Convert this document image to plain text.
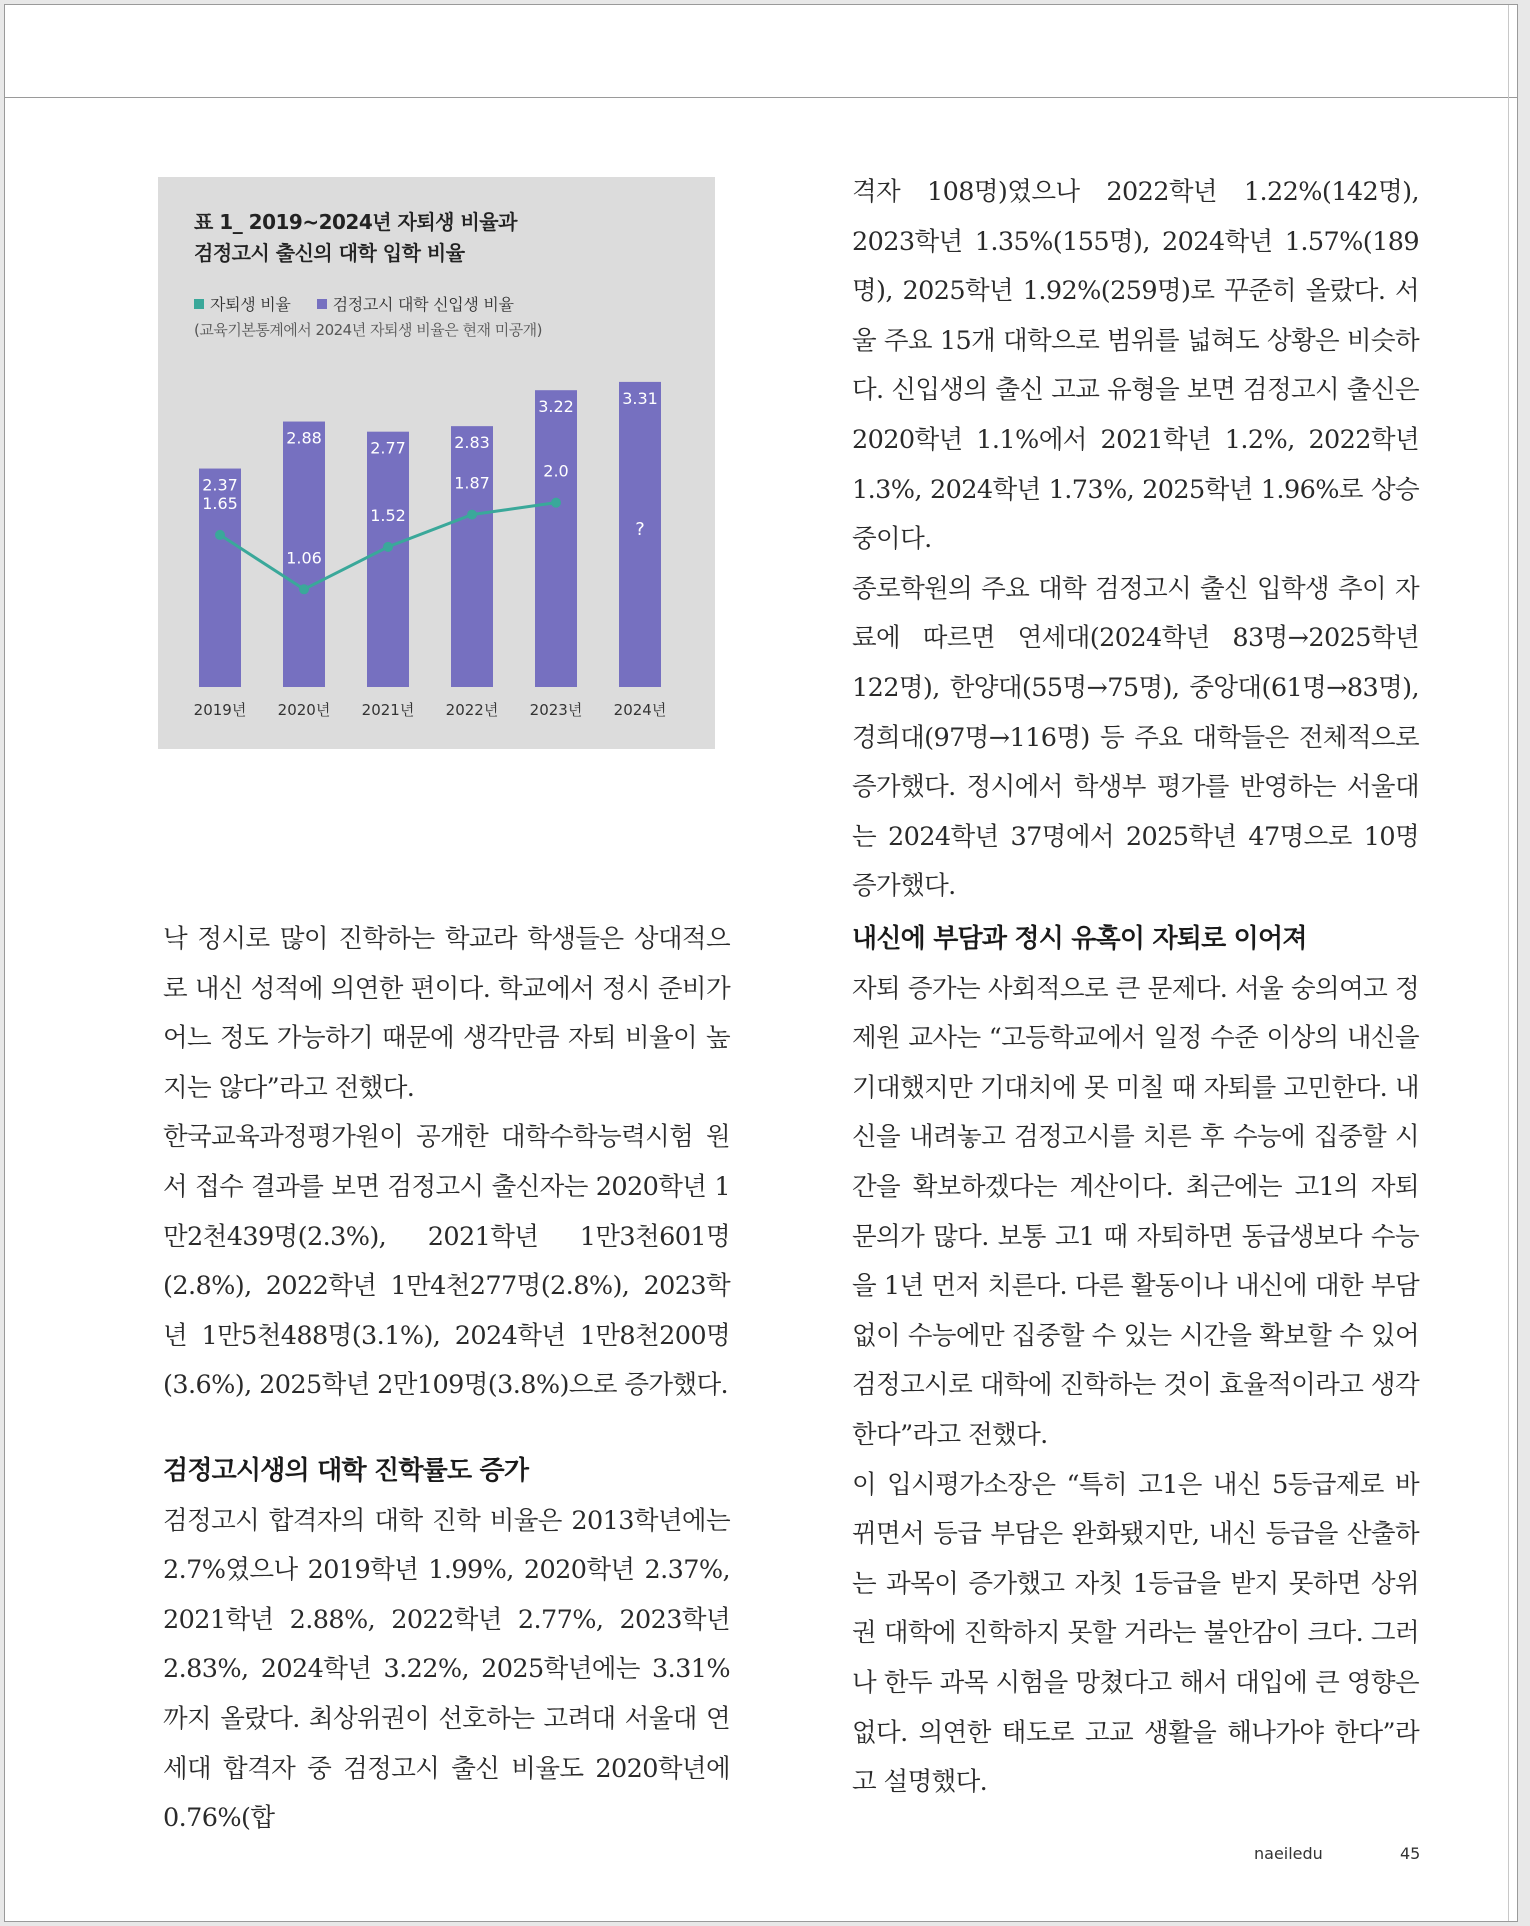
표 1_ 2019~2024년 자퇴생 비율과
검정고시 출신의 대학 입학 비율
자퇴생 비율	검정고시 대학 신입생 비율
(교육기본통계에서 2024년 자퇴생 비율은 현재 미공개)
2.37
2019년
2.88
2020년
2.77
2021년
2.83
2022년
3.22
2023년
3.31
2024년
1.65
1.06
1.52
1.87
2.0
?

낙 정시로 많이 진학하는 학교라 학생들은 상대적으로 내신 성적에 의연한 편이다. 학교에서 정시 준비가 어느 정도 가능하기 때문에 생각만큼 자퇴 비율이 높지는 않다”라고 전했다.

한국교육과정평가원이 공개한 대학수학능력시험 원서 접수 결과를 보면 검정고시 출신자는 2020학년 1만2천439명(2.3%), 2021학년 1만3천601명(2.8%), 2022학년 1만4천277명(2.8%), 2023학년 1만5천488명(3.1%), 2024학년 1만8천200명(3.6%), 2025학년 2만109명(3.8%)으로 증가했다.

검정고시생의 대학 진학률도 증가

검정고시 합격자의 대학 진학 비율은 2013학년에는 2.7%였으나 2019학년 1.99%, 2020학년 2.37%, 2021학년 2.88%, 2022학년 2.77%, 2023학년 2.83%, 2024학년 3.22%, 2025학년에는 3.31%까지 올랐다. 최상위권이 선호하는 고려대 서울대 연세대 합격자 중 검정고시 출신 비율도 2020학년에 0.76%(합

격자 108명)였으나 2022학년 1.22%(142명), 2023학년 1.35%(155명), 2024학년 1.57%(189명), 2025학년 1.92%(259명)로 꾸준히 올랐다. 서울 주요 15개 대학으로 범위를 넓혀도 상황은 비슷하다. 신입생의 출신 고교 유형을 보면 검정고시 출신은 2020학년 1.1%에서 2021학년 1.2%, 2022학년 1.3%, 2024학년 1.73%, 2025학년 1.96%로 상승 중이다.

종로학원의 주요 대학 검정고시 출신 입학생 추이 자료에 따르면 연세대(2024학년 83명→2025학년 122명), 한양대(55명→75명), 중앙대(61명→83명), 경희대(97명→116명) 등 주요 대학들은 전체적으로 증가했다. 정시에서 학생부 평가를 반영하는 서울대는 2024학년 37명에서 2025학년 47명으로 10명 증가했다.

내신에 부담과 정시 유혹이 자퇴로 이어져

자퇴 증가는 사회적으로 큰 문제다. 서울 숭의여고 정제원 교사는 “고등학교에서 일정 수준 이상의 내신을 기대했지만 기대치에 못 미칠 때 자퇴를 고민한다. 내신을 내려놓고 검정고시를 치른 후 수능에 집중할 시간을 확보하겠다는 계산이다. 최근에는 고1의 자퇴 문의가 많다. 보통 고1 때 자퇴하면 동급생보다 수능을 1년 먼저 치른다. 다른 활동이나 내신에 대한 부담 없이 수능에만 집중할 수 있는 시간을 확보할 수 있어 검정고시로 대학에 진학하는 것이 효율적이라고 생각한다”라고 전했다.

이 입시평가소장은 “특히 고1은 내신 5등급제로 바뀌면서 등급 부담은 완화됐지만, 내신 등급을 산출하는 과목이 증가했고 자칫 1등급을 받지 못하면 상위권 대학에 진학하지 못할 거라는 불안감이 크다. 그러나 한두 과목 시험을 망쳤다고 해서 대입에 큰 영향은 없다. 의연한 태도로 고교 생활을 해나가야 한다”라고 설명했다.

naeiledu	45
